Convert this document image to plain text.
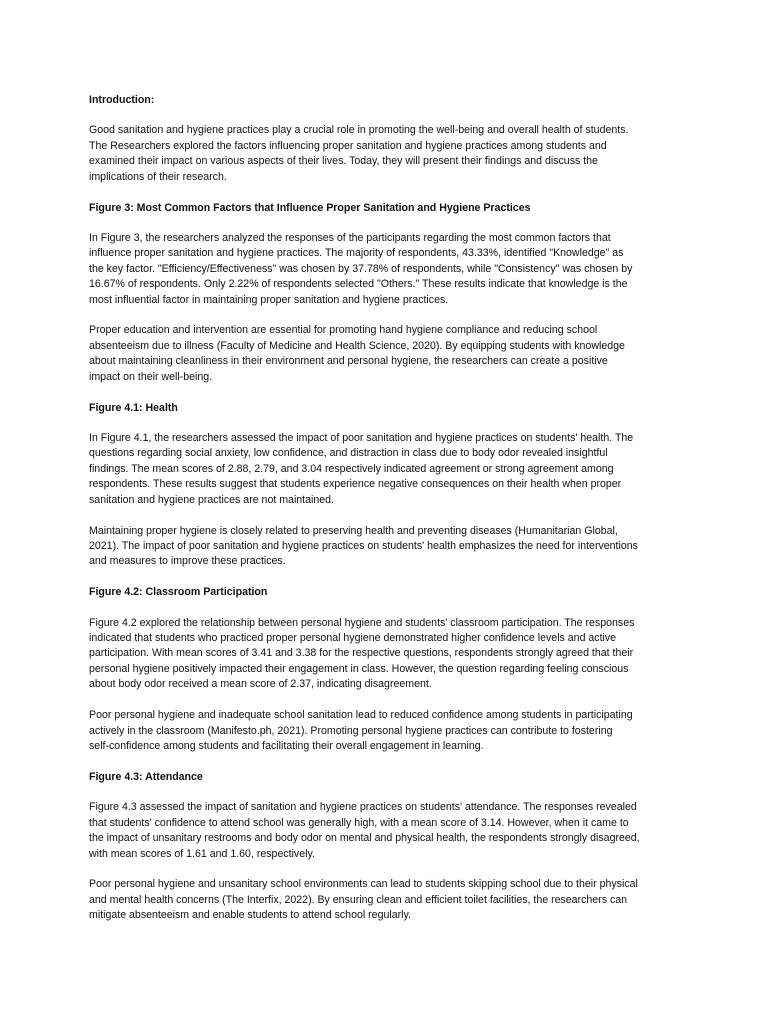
Introduction:
Good sanitation and hygiene practices play a crucial role in promoting the well-being and overall health of students.
The Researchers explored the factors influencing proper sanitation and hygiene practices among students and
examined their impact on various aspects of their lives. Today, they will present their findings and discuss the
implications of their research.
Figure 3: Most Common Factors that Influence Proper Sanitation and Hygiene Practices
In Figure 3, the researchers analyzed the responses of the participants regarding the most common factors that
influence proper sanitation and hygiene practices. The majority of respondents, 43.33%, identified "Knowledge" as
the key factor. "Efficiency/Effectiveness" was chosen by 37.78% of respondents, while "Consistency" was chosen by
16.67% of respondents. Only 2.22% of respondents selected "Others." These results indicate that knowledge is the
most influential factor in maintaining proper sanitation and hygiene practices.
Proper education and intervention are essential for promoting hand hygiene compliance and reducing school
absenteeism due to illness (Faculty of Medicine and Health Science, 2020). By equipping students with knowledge
about maintaining cleanliness in their environment and personal hygiene, the researchers can create a positive
impact on their well-being.
Figure 4.1: Health
In Figure 4.1, the researchers assessed the impact of poor sanitation and hygiene practices on students' health. The
questions regarding social anxiety, low confidence, and distraction in class due to body odor revealed insightful
findings. The mean scores of 2.88, 2.79, and 3.04 respectively indicated agreement or strong agreement among
respondents. These results suggest that students experience negative consequences on their health when proper
sanitation and hygiene practices are not maintained.
Maintaining proper hygiene is closely related to preserving health and preventing diseases (Humanitarian Global,
2021). The impact of poor sanitation and hygiene practices on students' health emphasizes the need for interventions
and measures to improve these practices.
Figure 4.2: Classroom Participation
Figure 4.2 explored the relationship between personal hygiene and students' classroom participation. The responses
indicated that students who practiced proper personal hygiene demonstrated higher confidence levels and active
participation. With mean scores of 3.41 and 3.38 for the respective questions, respondents strongly agreed that their
personal hygiene positively impacted their engagement in class. However, the question regarding feeling conscious
about body odor received a mean score of 2.37, indicating disagreement.
Poor personal hygiene and inadequate school sanitation lead to reduced confidence among students in participating
actively in the classroom (Manifesto.ph, 2021). Promoting personal hygiene practices can contribute to fostering
self-confidence among students and facilitating their overall engagement in learning.
Figure 4.3: Attendance
Figure 4.3 assessed the impact of sanitation and hygiene practices on students' attendance. The responses revealed
that students' confidence to attend school was generally high, with a mean score of 3.14. However, when it came to
the impact of unsanitary restrooms and body odor on mental and physical health, the respondents strongly disagreed,
with mean scores of 1.61 and 1.60, respectively.
Poor personal hygiene and unsanitary school environments can lead to students skipping school due to their physical
and mental health concerns (The Interfix, 2022). By ensuring clean and efficient toilet facilities, the researchers can
mitigate absenteeism and enable students to attend school regularly.
